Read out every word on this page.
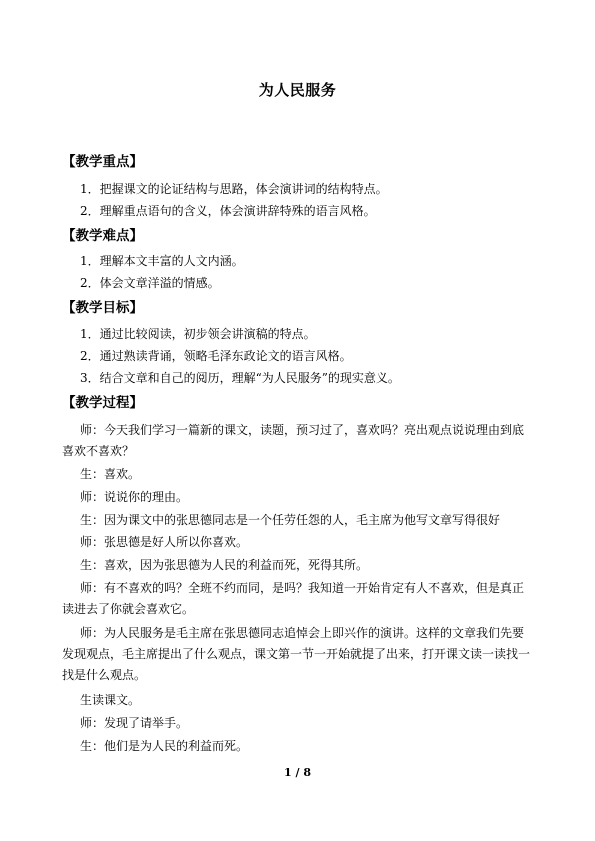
为人民服务
【教学重点】
1．把握课文的论证结构与思路，体会演讲词的结构特点。
2．理解重点语句的含义，体会演讲辞特殊的语言风格。
【教学难点】
1．理解本文丰富的人文内涵。
2．体会文章洋溢的情感。
【教学目标】
1．通过比较阅读，初步领会讲演稿的特点。
2．通过熟读背诵，领略毛泽东政论文的语言风格。
3．结合文章和自己的阅历，理解“为人民服务”的现实意义。
【教学过程】

师：今天我们学习一篇新的课文，读题，预习过了，喜欢吗？亮出观点说说理由到底喜欢不喜欢？

生：喜欢。

师：说说你的理由。

生：因为课文中的张思德同志是一个任劳任怨的人，毛主席为他写文章写得很好

师：张思德是好人所以你喜欢。

生：喜欢，因为张思德为人民的利益而死，死得其所。

师：有不喜欢的吗？全班不约而同，是吗？我知道一开始肯定有人不喜欢，但是真正读进去了你就会喜欢它。

师：为人民服务是毛主席在张思德同志追悼会上即兴作的演讲。这样的文章我们先要发现观点，毛主席提出了什么观点，课文第一节一开始就提了出来，打开课文读一读找一找是什么观点。

生读课文。

师：发现了请举手。

生：他们是为人民的利益而死。

1 / 8
